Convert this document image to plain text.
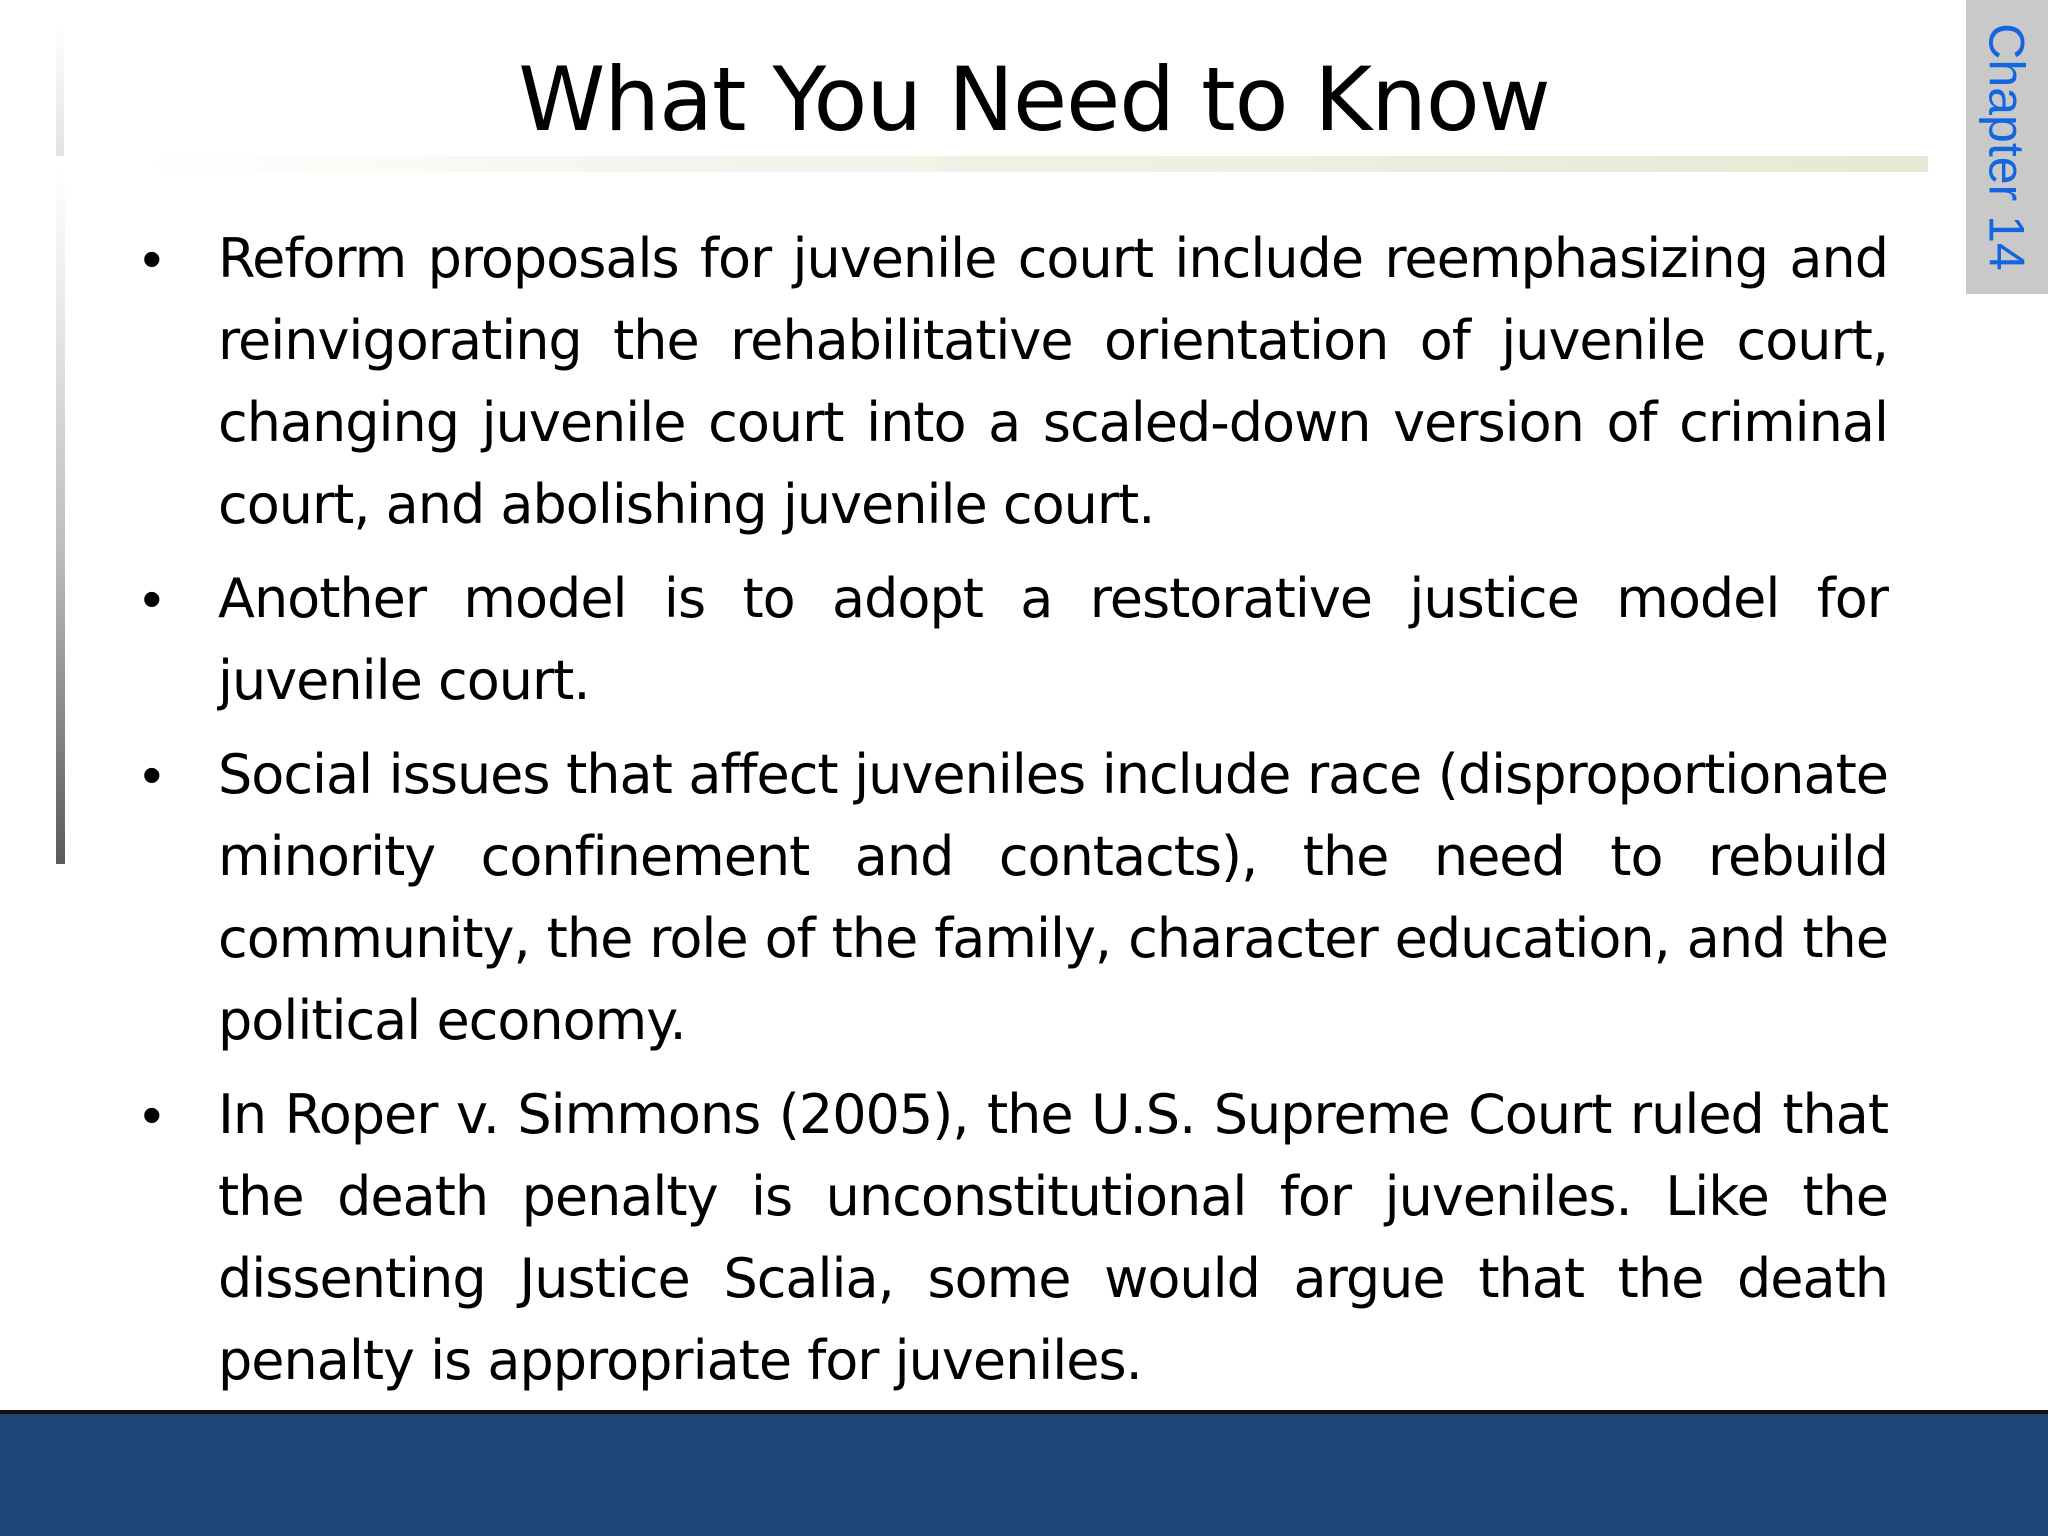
What You Need to Know	Chapter 14
• Reform proposals for juvenile court include reemphasizing and reinvigorating the rehabilitative orientation of juvenile court, changing juvenile court into a scaled-down version of criminal court, and abolishing juvenile court.
• Another model is to adopt a restorative justice model for juvenile court.
• Social issues that affect juveniles include race (disproportionate minority confinement and contacts), the need to rebuild community, the role of the family, character education, and the political economy.
• In Roper v. Simmons (2005), the U.S. Supreme Court ruled that the death penalty is unconstitutional for juveniles. Like the dissenting Justice Scalia, some would argue that the death penalty is appropriate for juveniles.
